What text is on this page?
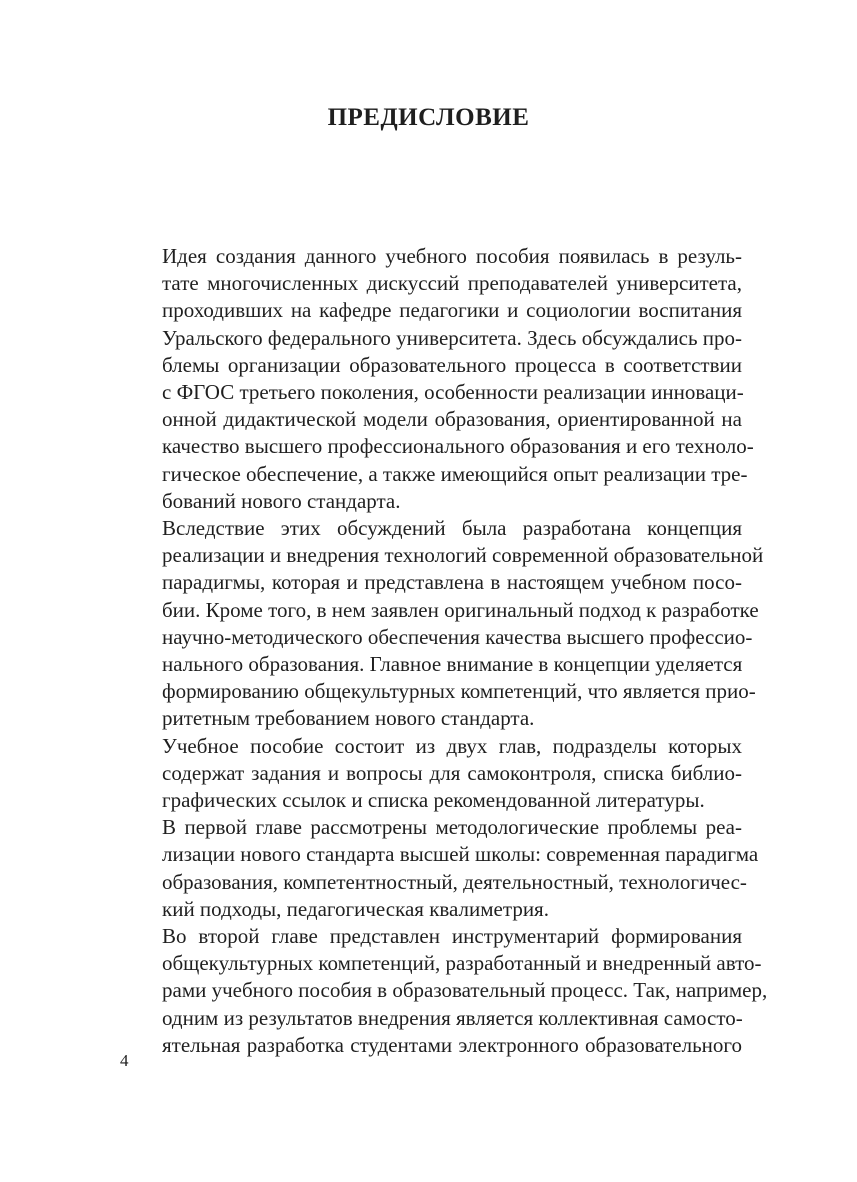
ПРЕДИСЛОВИЕ

Идея создания данного учебного пособия появилась в резуль-
тате многочисленных дискуссий преподавателей университета,
проходивших на кафедре педагогики и социологии воспитания
Уральского федерального университета. Здесь обсуждались про-
блемы организации образовательного процесса в соответствии
с ФГОС третьего поколения, особенности реализации инноваци-
онной дидактической модели образования, ориентированной на
качество высшего профессионального образования и его техноло-
гическое обеспечение, а также имеющийся опыт реализации тре-
бований нового стандарта.

Вследствие этих обсуждений была разработана концепция
реализации и внедрения технологий современной образовательной
парадигмы, которая и представлена в настоящем учебном посо-
бии. Кроме того, в нем заявлен оригинальный подход к разработке
научно-методического обеспечения качества высшего профессио-
нального образования. Главное внимание в концепции уделяется
формированию общекультурных компетенций, что является прио-
ритетным требованием нового стандарта.

Учебное пособие состоит из двух глав, подразделы которых
содержат задания и вопросы для самоконтроля, списка библио-
графических ссылок и списка рекомендованной литературы.

В первой главе рассмотрены методологические проблемы реа-
лизации нового стандарта высшей школы: современная парадигма
образования, компетентностный, деятельностный, технологичес-
кий подходы, педагогическая квалиметрия.

Во второй главе представлен инструментарий формирования
общекультурных компетенций, разработанный и внедренный авто-
рами учебного пособия в образовательный процесс. Так, например,
одним из результатов внедрения является коллективная самосто-
ятельная разработка студентами электронного образовательного

4
